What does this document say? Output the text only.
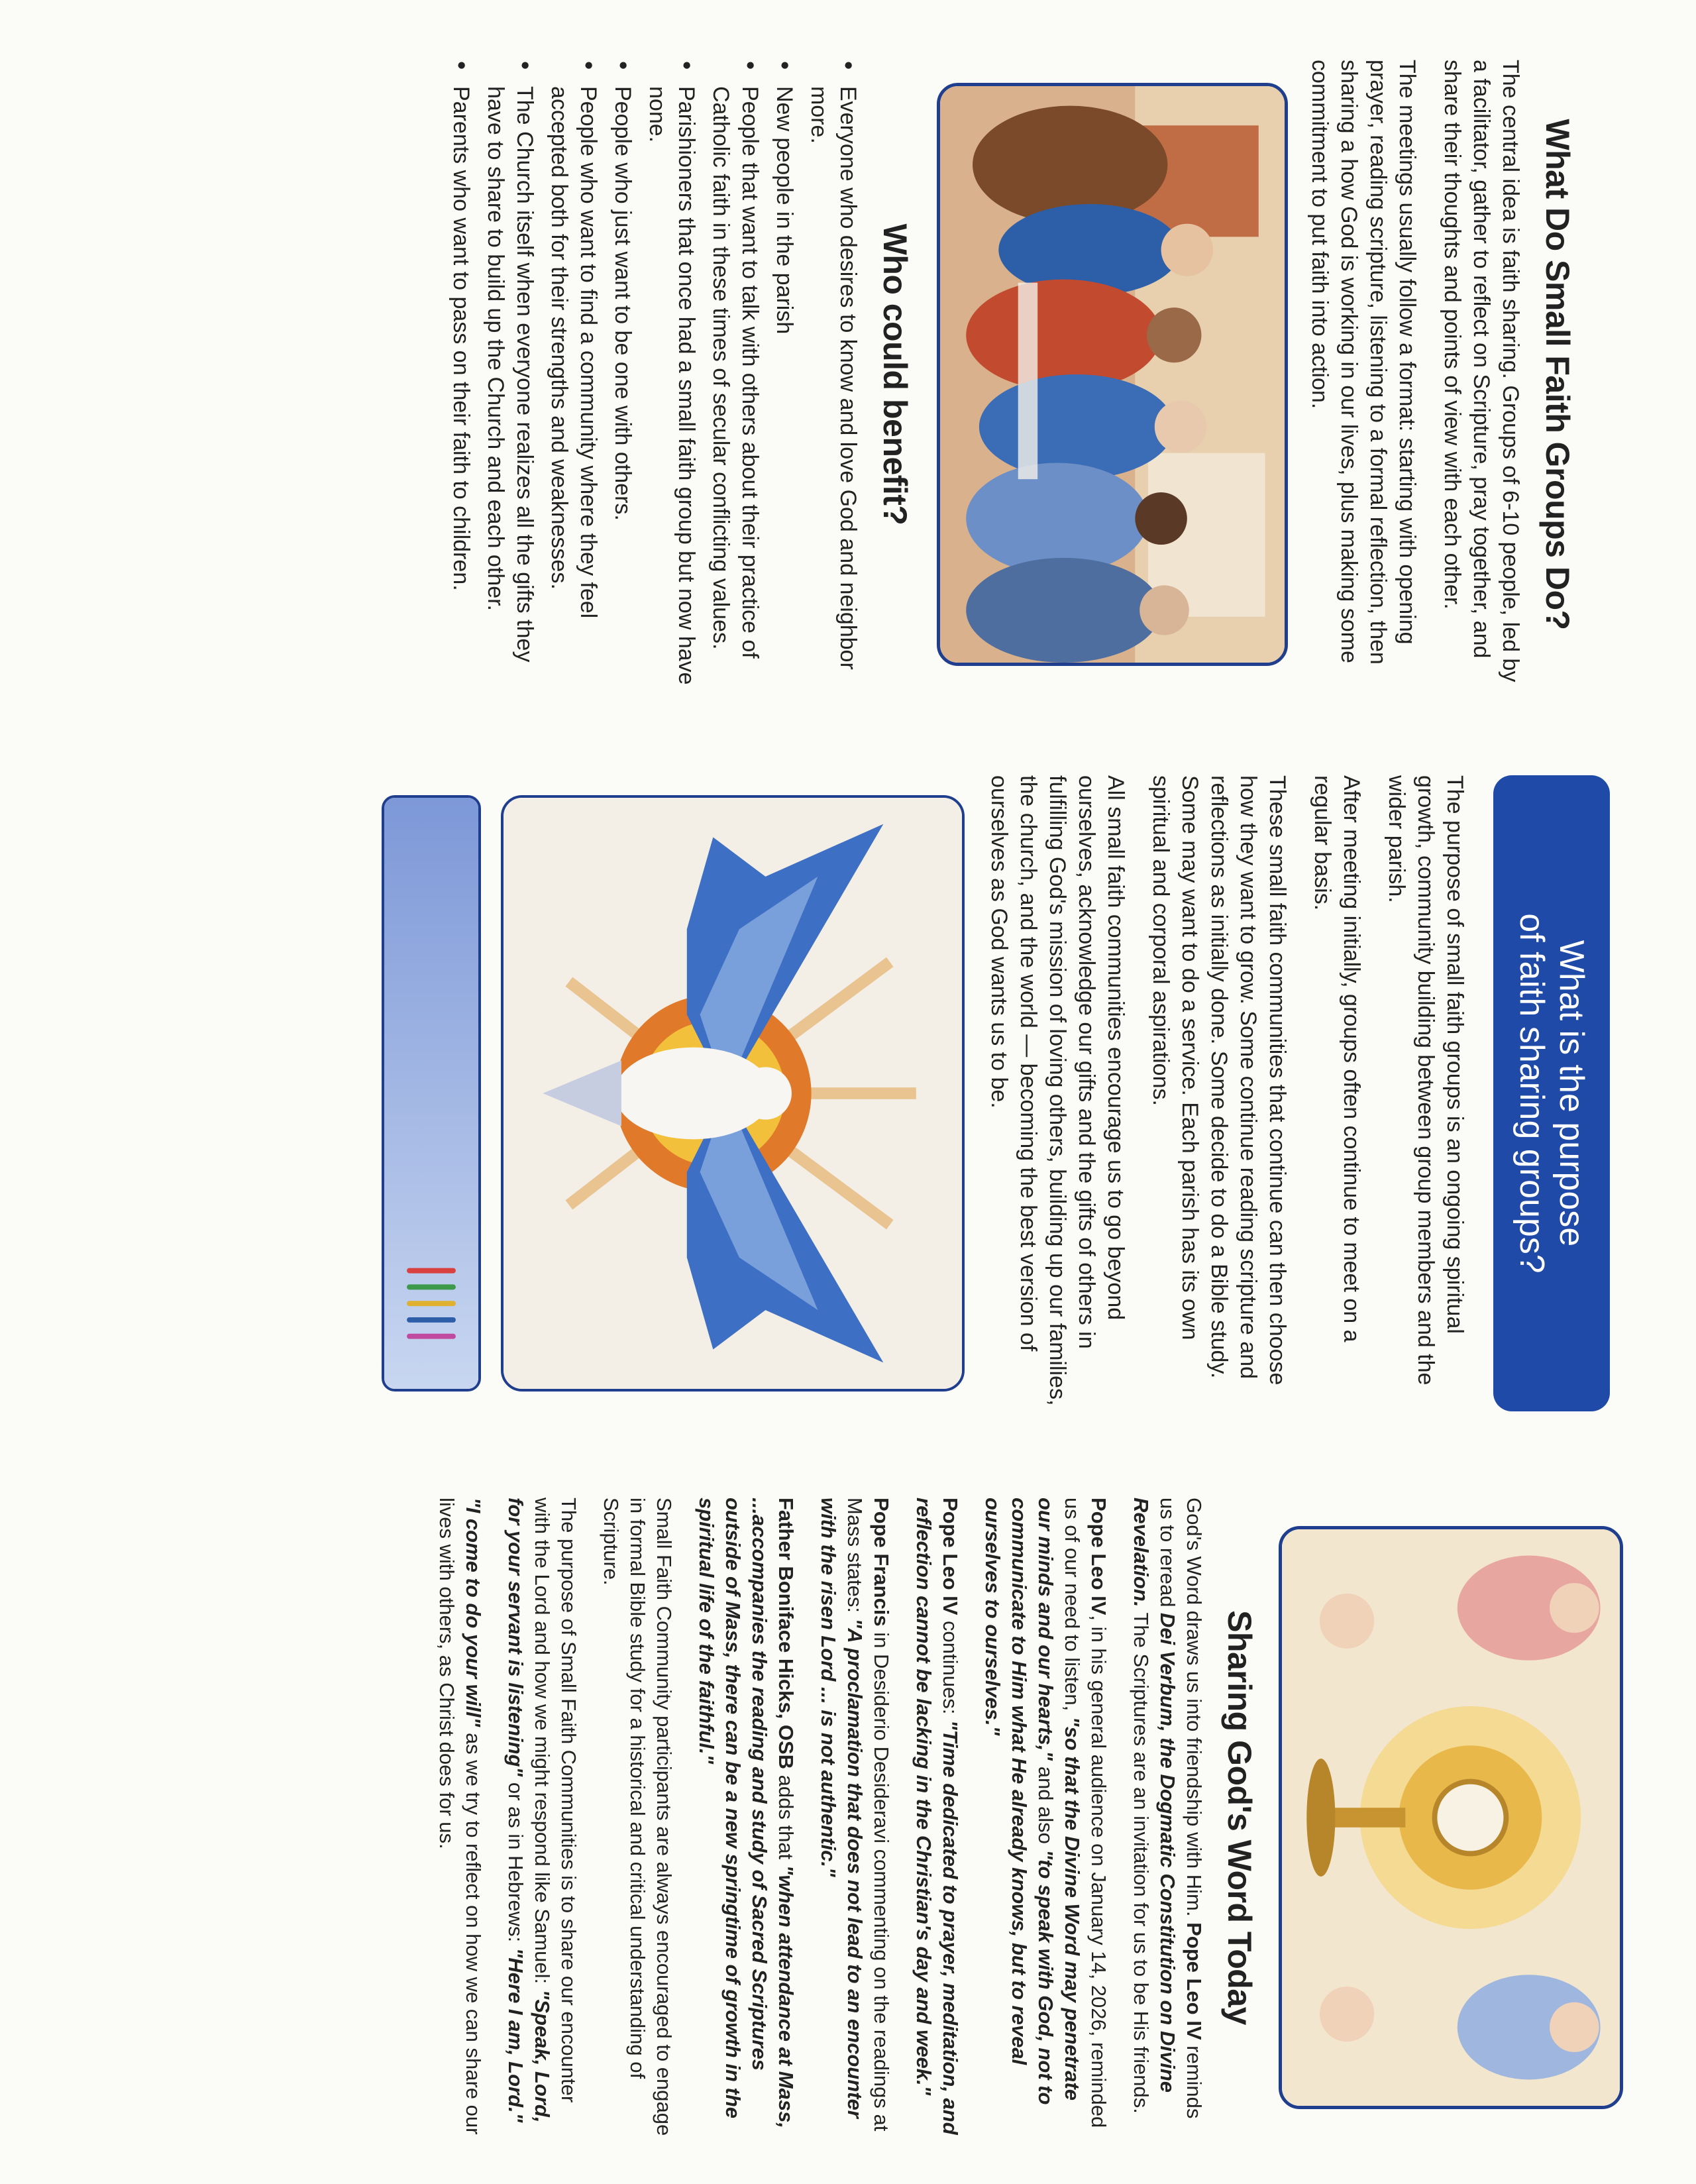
What Do Small Faith Groups Do?

The central idea is faith sharing. Groups of 6-10 people, led by a facilitator, gather to reflect on Scripture, pray together, and share their thoughts and points of view with each other.

The meetings usually follow a format: starting with opening prayer, reading scripture, listening to a formal reflection, then sharing a how God is working in our lives, plus making some commitment to put faith into action.

Who could benefit?
• Everyone who desires to know and love God and neighbor more.
• New people in the parish
• People that want to talk with others about their practice of Catholic faith in these times of secular conflicting values.
• Parishioners that once had a small faith group but now have none.
• People who just want to be one with others.
• People who want to find a community where they feel accepted both for their strengths and weaknesses.
• The Church itself when everyone realizes all the gifts they have to share to build up the Church and each other.
• Parents who want to pass on their faith to children.
What is the purpose
of faith sharing groups?

The purpose of small faith groups is an ongoing spiritual growth, community building between group members and the wider parish.

After meeting initially, groups often continue to meet on a regular basis.

These small faith communities that continue can then choose how they want to grow. Some continue reading scripture and reflections as initially done. Some decide to do a Bible study. Some may want to do a service. Each parish has its own spiritual and corporal aspirations.

All small faith communities encourage us to go beyond ourselves, acknowledge our gifts and the gifts of others in fulfilling God's mission of loving others, building up our families, the church, and the world — becoming the best version of ourselves as God wants us to be.

Sharing God's Word Today

God's Word draws us into friendship with Him. Pope Leo IV reminds us to reread Dei Verbum, the Dogmatic Constitution on Divine Revelation. The Scriptures are an invitation for us to be His friends.

Pope Leo IV, in his general audience on January 14, 2026, reminded us of our need to listen, "so that the Divine Word may penetrate our minds and our hearts," and also "to speak with God, not to communicate to Him what He already knows, but to reveal ourselves to ourselves."

Pope Leo IV continues: "Time dedicated to prayer, meditation, and reflection cannot be lacking in the Christian's day and week."

Pope Francis in Desiderio Desideravi commenting on the readings at Mass states: "A proclamation that does not lead to an encounter with the risen Lord ... is not authentic."

Father Boniface Hicks, OSB adds that "when attendance at Mass, ...accompanies the reading and study of Sacred Scriptures outside of Mass, there can be a new springtime of growth in the spiritual life of the faithful."

Small Faith Community participants are always encouraged to engage in formal Bible study for a historical and critical understanding of Scripture.

The purpose of Small Faith Communities is to share our encounter with the Lord and how we might respond like Samuel: "Speak, Lord, for your servant is listening" or as in Hebrews: "Here I am, Lord."

"I come to do your will" as we try to reflect on how we can share our lives with others, as Christ does for us.
